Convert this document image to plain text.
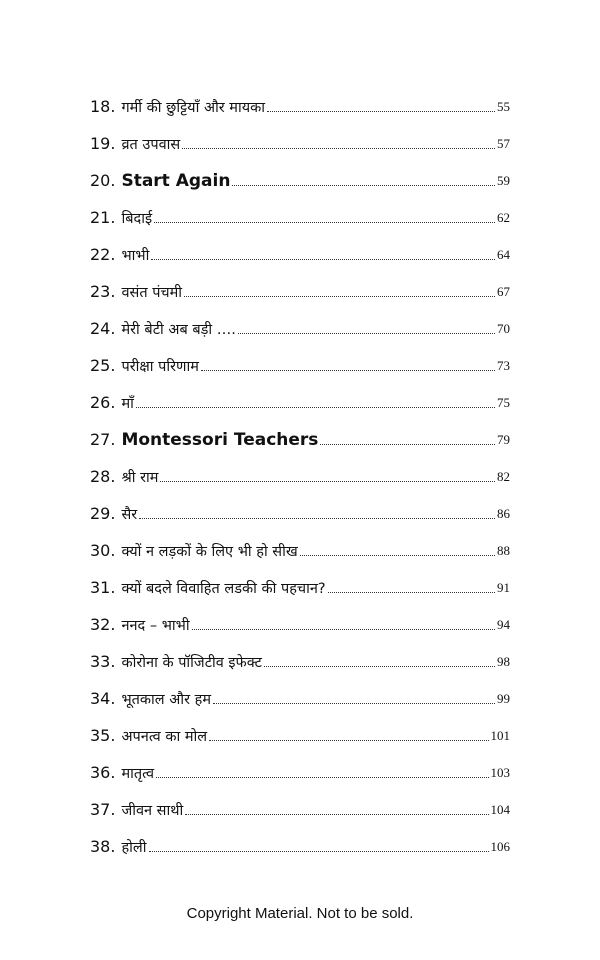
18. गर्मी की छुट्टियाँ और मायका	55
19. व्रत उपवास	57
20. Start Again	59
21. बिदाई	62
22. भाभी	64
23. वसंत पंचमी	67
24. मेरी बेटी अब बड़ी ….	70
25. परीक्षा परिणाम	73
26. माँ	75
27. Montessori Teachers	79
28. श्री राम	82
29. सैर	86
30. क्यों न लड़कों के लिए भी हो सीख	88
31. क्यों बदले विवाहित लडकी की पहचान?	91
32. ननद – भाभी	94
33. कोरोना के पॉजिटीव इफेक्ट	98
34. भूतकाल और हम	99
35. अपनत्व का मोल	101
36. मातृत्व	103
37. जीवन साथी	104
38. होली	106
Copyright Material. Not to be sold.
